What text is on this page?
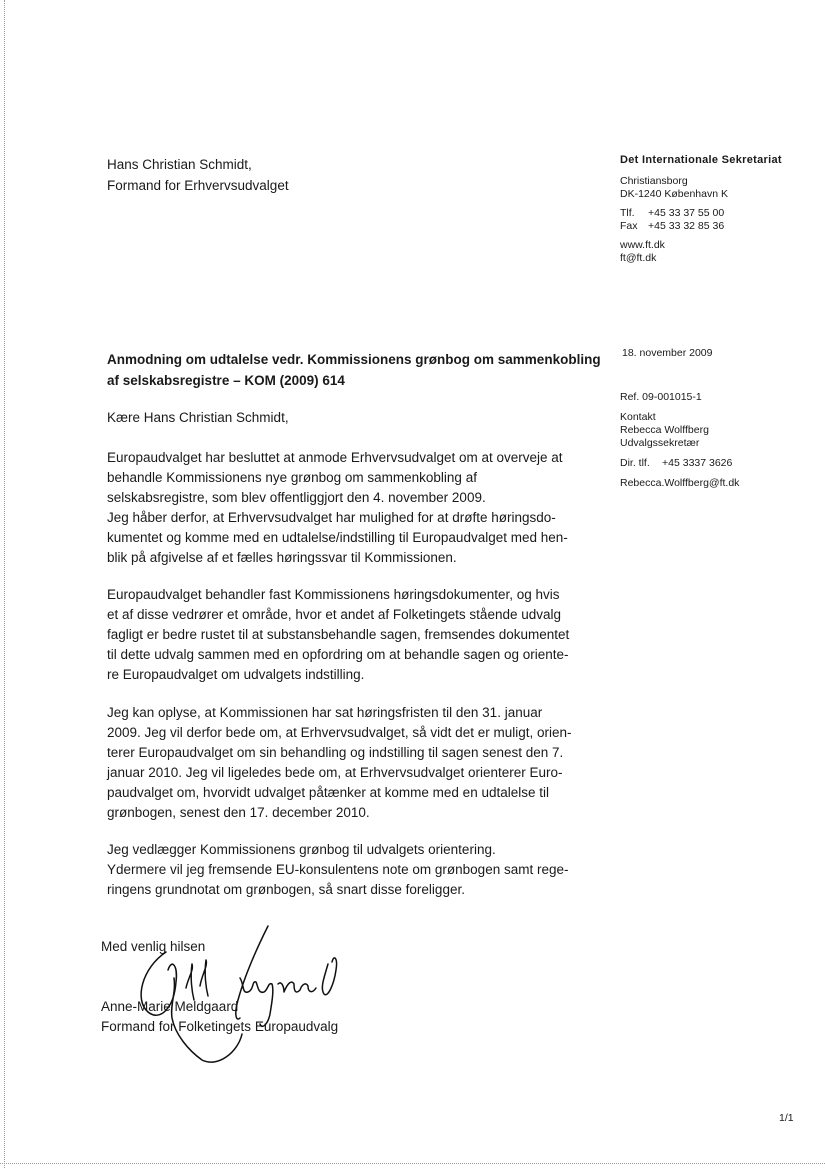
Hans Christian Schmidt,
Formand for Erhvervsudvalget
Det Internationale Sekretariat
Christiansborg
DK-1240 København K
Tlf. +45 33 37 55 00
Fax +45 33 32 85 36
www.ft.dk
ft@ft.dk
18. november 2009
Anmodning om udtalelse vedr. Kommissionens grønbog om sammenkobling
af selskabsregistre – KOM (2009) 614
Ref. 09-001015-1
Kontakt
Rebecca Wolffberg
Udvalgssekretær
Dir. tlf. +45 3337 3626
Rebecca.Wolffberg@ft.dk
Kære Hans Christian Schmidt,
Europaudvalget har besluttet at anmode Erhvervsudvalget om at overveje at
behandle Kommissionens nye grønbog om sammenkobling af
selskabsregistre, som blev offentliggjort den 4. november 2009.
Jeg håber derfor, at Erhvervsudvalget har mulighed for at drøfte høringsdo-
kumentet og komme med en udtalelse/indstilling til Europaudvalget med hen-
blik på afgivelse af et fælles høringssvar til Kommissionen.
Europaudvalget behandler fast Kommissionens høringsdokumenter, og hvis
et af disse vedrører et område, hvor et andet af Folketingets stående udvalg
fagligt er bedre rustet til at substansbehandle sagen, fremsendes dokumentet
til dette udvalg sammen med en opfordring om at behandle sagen og oriente-
re Europaudvalget om udvalgets indstilling.
Jeg kan oplyse, at Kommissionen har sat høringsfristen til den 31. januar
2009. Jeg vil derfor bede om, at Erhvervsudvalget, så vidt det er muligt, orien-
terer Europaudvalget om sin behandling og indstilling til sagen senest den 7.
januar 2010. Jeg vil ligeledes bede om, at Erhvervsudvalget orienterer Euro-
paudvalget om, hvorvidt udvalget påtænker at komme med en udtalelse til
grønbogen, senest den 17. december 2010.
Jeg vedlægger Kommissionens grønbog til udvalgets orientering.
Ydermere vil jeg fremsende EU-konsulentens note om grønbogen samt rege-
ringens grundnotat om grønbogen, så snart disse foreligger.
Med venlig hilsen
Anne-Marie Meldgaard
Formand for Folketingets Europaudvalg
1/1
